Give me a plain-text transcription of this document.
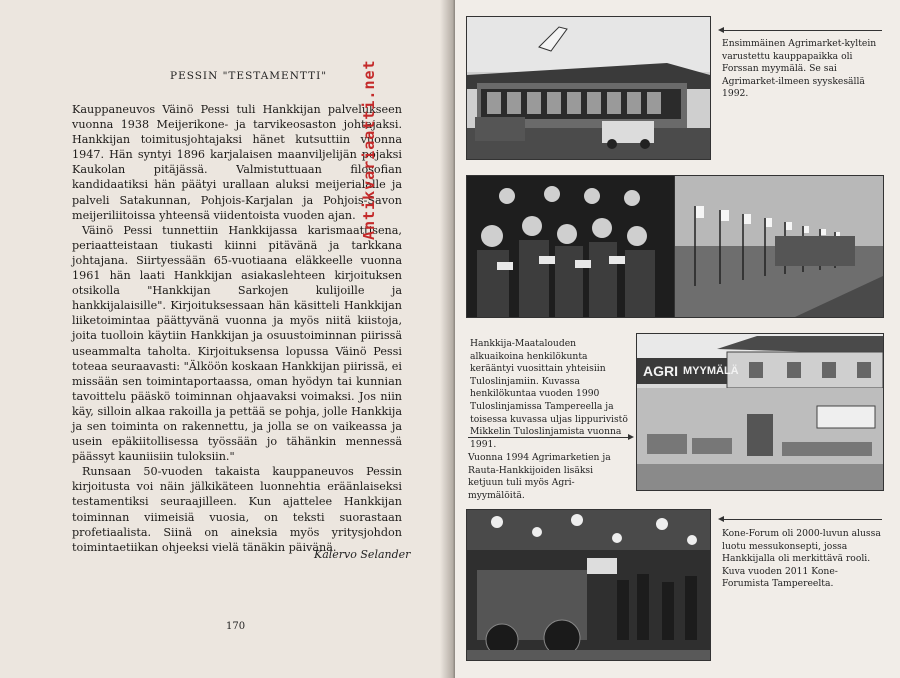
PESSIN "TESTAMENTTI"

Kauppaneuvos Väinö Pessi tuli Hankkijan palvelukseen vuonna 1938 Meijerikone- ja tarvikeosaston johtajaksi. Hankkijan toimitusjohtajaksi hänet kutsuttiin vuonna 1947. Hän syntyi 1896 karjalaisen maanviljelijän pojaksi Kaukolan pitäjässä. Valmistuttuaan filosofian kandidaatiksi hän päätyi urallaan aluksi meijerialalle ja palveli Satakunnan, Pohjois-Karjalan ja Pohjois-Savon meijeriliitoissa yhteensä viidentoista vuoden ajan.

Väinö Pessi tunnettiin Hankkijassa karismaattisena, periaatteistaan tiukasti kiinni pitävänä ja tarkkana johtajana. Siirtyessään 65-vuotiaana eläkkeelle vuonna 1961 hän laati Hankkijan asiakaslehteen kirjoituksen otsikolla "Hankkijan Sarkojen kulijoille ja hankkijalaisille". Kirjoituksessaan hän käsitteli Hankkijan liiketoimintaa päättyvänä vuonna ja myös niitä kiistoja, joita tuolloin käytiin Hankkijan ja osuustoiminnan piirissä useammalta taholta. Kirjoituksensa lopussa Väinö Pessi toteaa seuraavasti: "Älköön koskaan Hankkijan piirissä, ei missään sen toimintaportaassa, oman hyödyn tai kunnian tavoittelu pääskö toiminnan ohjaavaksi voimaksi. Jos niin käy, silloin alkaa rakoilla ja pettää se pohja, jolle Hankkija ja sen toiminta on rakennettu, ja jolla se on vaikeassa ja usein epäkiitollisessa työssään jo tähänkin mennessä päässyt kauniisiin tuloksiin."

Runsaan 50-vuoden takaista kauppaneuvos Pessin kirjoitusta voi näin jälkikäteen luonnehtia eräänlaiseksi testamentiksi seuraajilleen. Kun ajattelee Hankkijan toiminnan viimeisiä vuosia, on teksti suorastaan profetiaalista. Siinä on aineksia myös yritysjohdon toimintaetiikan ohjeeksi vielä tänäkin päivänä.

Kalervo Selander
170
Antikvariaatti.net
Ensimmäinen Agrimarket-kyltein varustettu kauppapaikka oli Forssan myymälä. Se sai Agrimarket-ilmeen syyskesällä 1992.
Hankkija-Maatalouden alkuaikoina henkilökunta kerääntyi vuosittain yhteisiin Tuloslinjamiin. Kuvassa henkilökuntaa vuoden 1990 Tuloslinjamissa Tampereella ja toisessa kuvassa uljas lippurivistö Mikkelin Tuloslinjamista vuonna 1991.
AGRI MYYMÄLÄ
Vuonna 1994 Agrimarketien ja Rauta-Hankkijoiden lisäksi ketjuun tuli myös Agri-myymälöitä.
Kone-Forum oli 2000-luvun alussa luotu messukonsepti, jossa Hankkijalla oli merkittävä rooli. Kuva vuoden 2011 Kone-Forumista Tampereelta.
